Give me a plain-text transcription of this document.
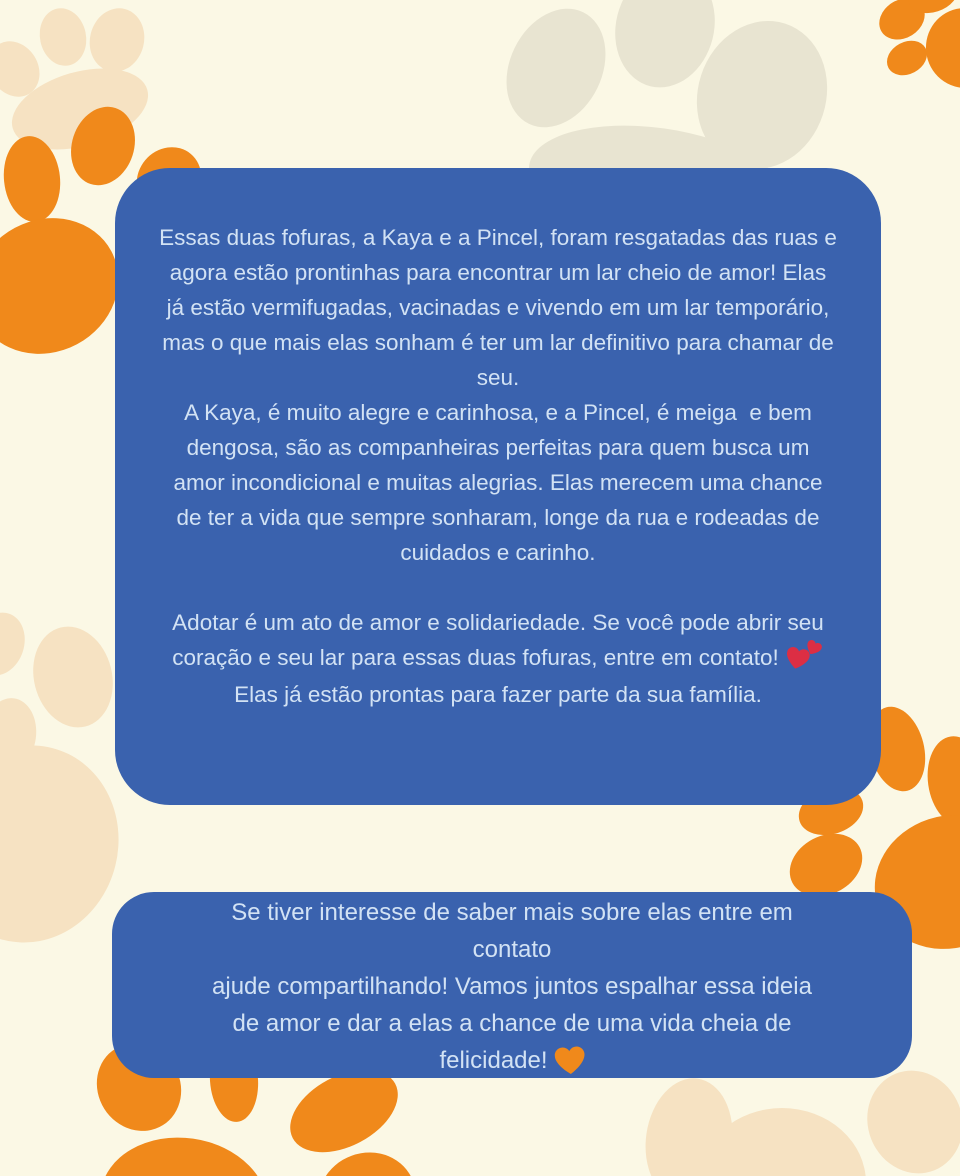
Essas duas fofuras, a Kaya e a Pincel, foram resgatadas das ruas e
agora estão prontinhas para encontrar um lar cheio de amor! Elas
já estão vermifugadas, vacinadas e vivendo em um lar temporário,
mas o que mais elas sonham é ter um lar definitivo para chamar de
seu.
A Kaya, é muito alegre e carinhosa, e a Pincel, é meiga  e bem
dengosa, são as companheiras perfeitas para quem busca um
amor incondicional e muitas alegrias. Elas merecem uma chance
de ter a vida que sempre sonharam, longe da rua e rodeadas de
cuidados e carinho.
Adotar é um ato de amor e solidariedade. Se você pode abrir seu
coração e seu lar para essas duas fofuras, entre em contato!
Elas já estão prontas para fazer parte da sua família.
Se tiver interesse de saber mais sobre elas entre em
contato
ajude compartilhando! Vamos juntos espalhar essa ideia
de amor e dar a elas a chance de uma vida cheia de
felicidade!
